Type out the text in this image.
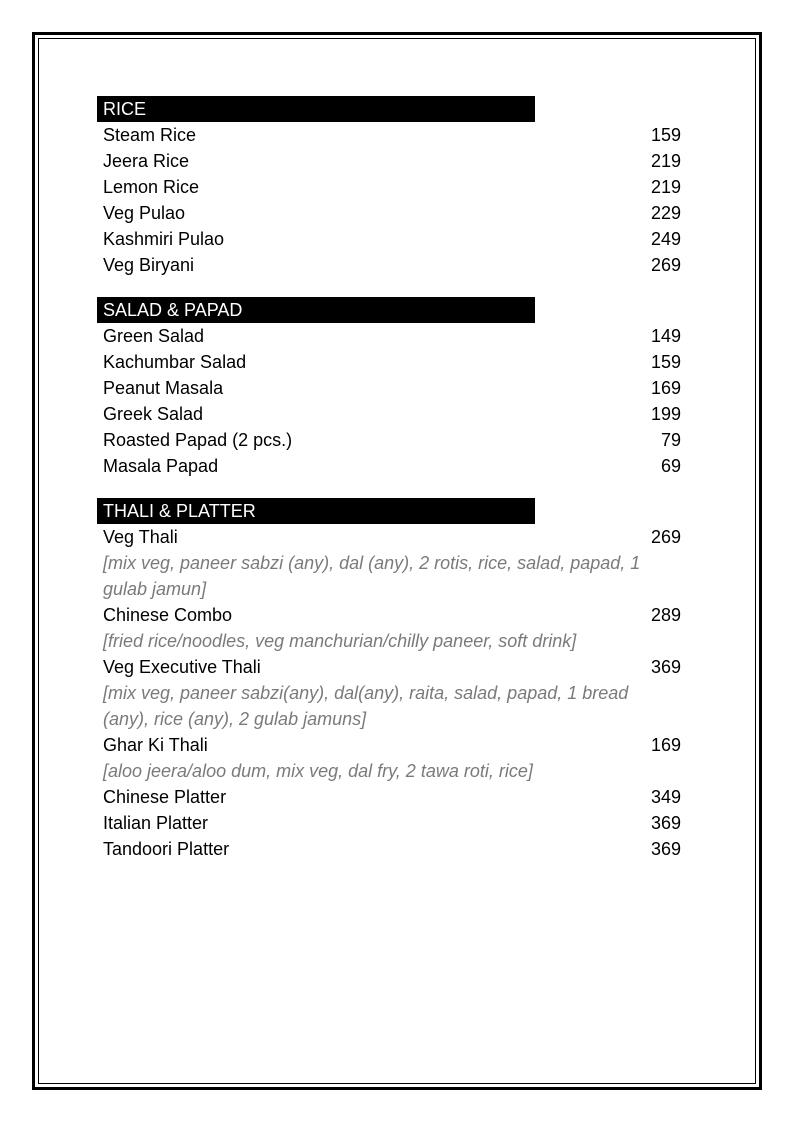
RICE
Steam Rice	159
Jeera Rice	219
Lemon Rice	219
Veg Pulao	229
Kashmiri Pulao	249
Veg Biryani	269
SALAD & PAPAD
Green Salad	149
Kachumbar Salad	159
Peanut Masala	169
Greek Salad	199
Roasted Papad (2 pcs.)	79
Masala Papad	69
THALI & PLATTER
Veg Thali	269
[mix veg, paneer sabzi (any), dal (any), 2 rotis, rice, salad, papad, 1 gulab jamun]
Chinese Combo	289
[fried rice/noodles, veg manchurian/chilly paneer, soft drink]
Veg Executive Thali	369
[mix veg, paneer sabzi(any), dal(any), raita, salad, papad, 1 bread (any), rice (any), 2 gulab jamuns]
Ghar Ki Thali	169
[aloo jeera/aloo dum, mix veg, dal fry, 2 tawa roti, rice]
Chinese Platter	349
Italian Platter	369
Tandoori Platter	369
